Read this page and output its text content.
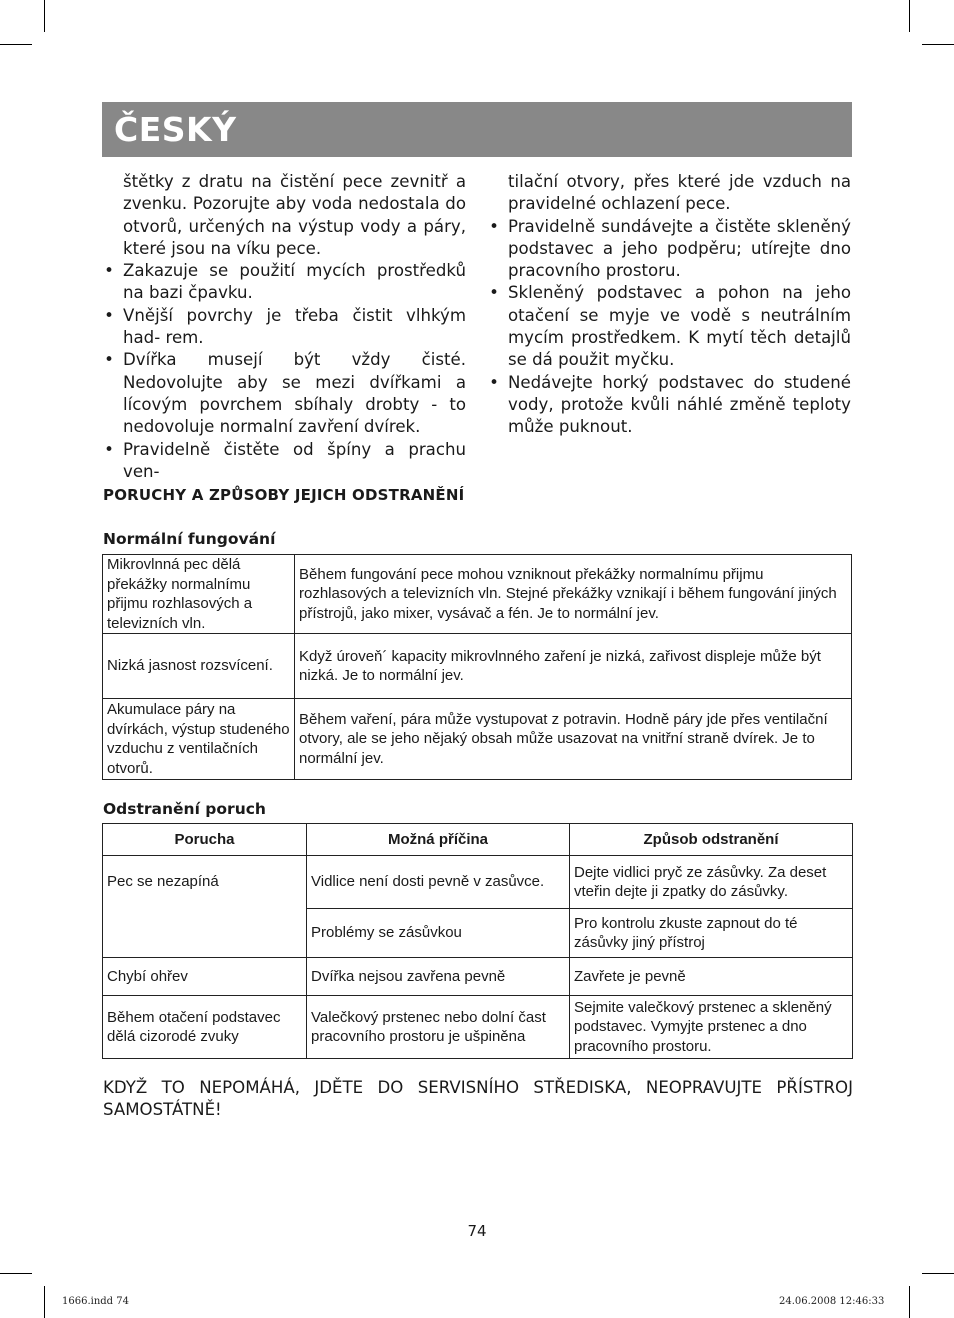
ČESKÝ
štětky z dratu na čistění pece zevnitř a zvenku. Pozorujte aby voda nedostala do otvorů, určených na výstup vody a páry, které jsou na víku pece.
• Zakazuje se použití mycích prostředků na bazi čpavku.
• Vnější povrchy je třeba čistit vlhkým had- rem.
• Dvířka musejí být vždy čisté. Nedovolujte aby se mezi dvířkami a lícovým povrchem sbíhaly drobty - to nedovoluje normalní zavření dvírek.
• Pravidelně čistěte od špíny a prachu ven-
tilační otvory, přes které jde vzduch na pravidelné ochlazení pece.
• Pravidelně sundávejte a čistěte skleněný podstavec a jeho podpěru; utírejte dno pracovního prostoru.
• Skleněný podstavec a pohon na jeho otačení se myje ve vodě s neutrálním mycím prostředkem. K mytí těch detajlů se dá použit myčku.
• Nedávejte horký podstavec do studené vody, protože kvůli náhlé změně teploty může puknout.
PORUCHY A ZPŮSOBY JEJICH ODSTRANĚNÍ
Normální fungování
Mikrovlnná pec dělá překážky normalnímu přijmu rozhlasových a televizních vln.	Během fungování pece mohou vzniknout překážky normalnímu přijmu rozhlasových a televizních vln. Stejné překážky vznikají i během fungování jiných přístrojů, jako mixer, vysávač a fén. Je to normální jev.
Nizká jasnost rozsvícení.	Když úroveň´ kapacity mikrovlnného zaření je nizká, zařivost displeje může být nizká. Je to normální jev.
Akumulace páry na dvírkách, výstup studeného vzduchu z ventilačních otvorů.	Během vaření, pára může vystupovat z potravin. Hodně páry jde přes ventilační otvory, ale se jeho nějaký obsah může usazovat na vnitřní straně dvírek. Je to normální jev.
Odstranění poruch
Porucha	Možná příčina	Způsob odstranění
Pec se nezapíná	Vidlice není dosti pevně v zasůvce.	Dejte vidlici pryč ze zásůvky. Za deset vteřin dejte ji zpatky do zásůvky.
	Problémy se zásůvkou	Pro kontrolu zkuste zapnout do té zásůvky jiný přístroj
Chybí ohřev	Dvířka nejsou zavřena pevně	Zavřete je pevně
Během otačení podstavec dělá cizorodé zvuky	Valečkový prstenec nebo dolní čast pracovního prostoru je ušpiněna	Sejmite valečkový prstenec a skleněný podstavec. Vymyjte prstenec a dno pracovního prostoru.
KDYŽ TO NEPOMÁHÁ, JDĚTE DO SERVISNÍHO STŘEDISKA, NEOPRAVUJTE PŘÍSTROJ SAMOSTÁTNĚ!
74
1666.indd 74	24.06.2008 12:46:33
